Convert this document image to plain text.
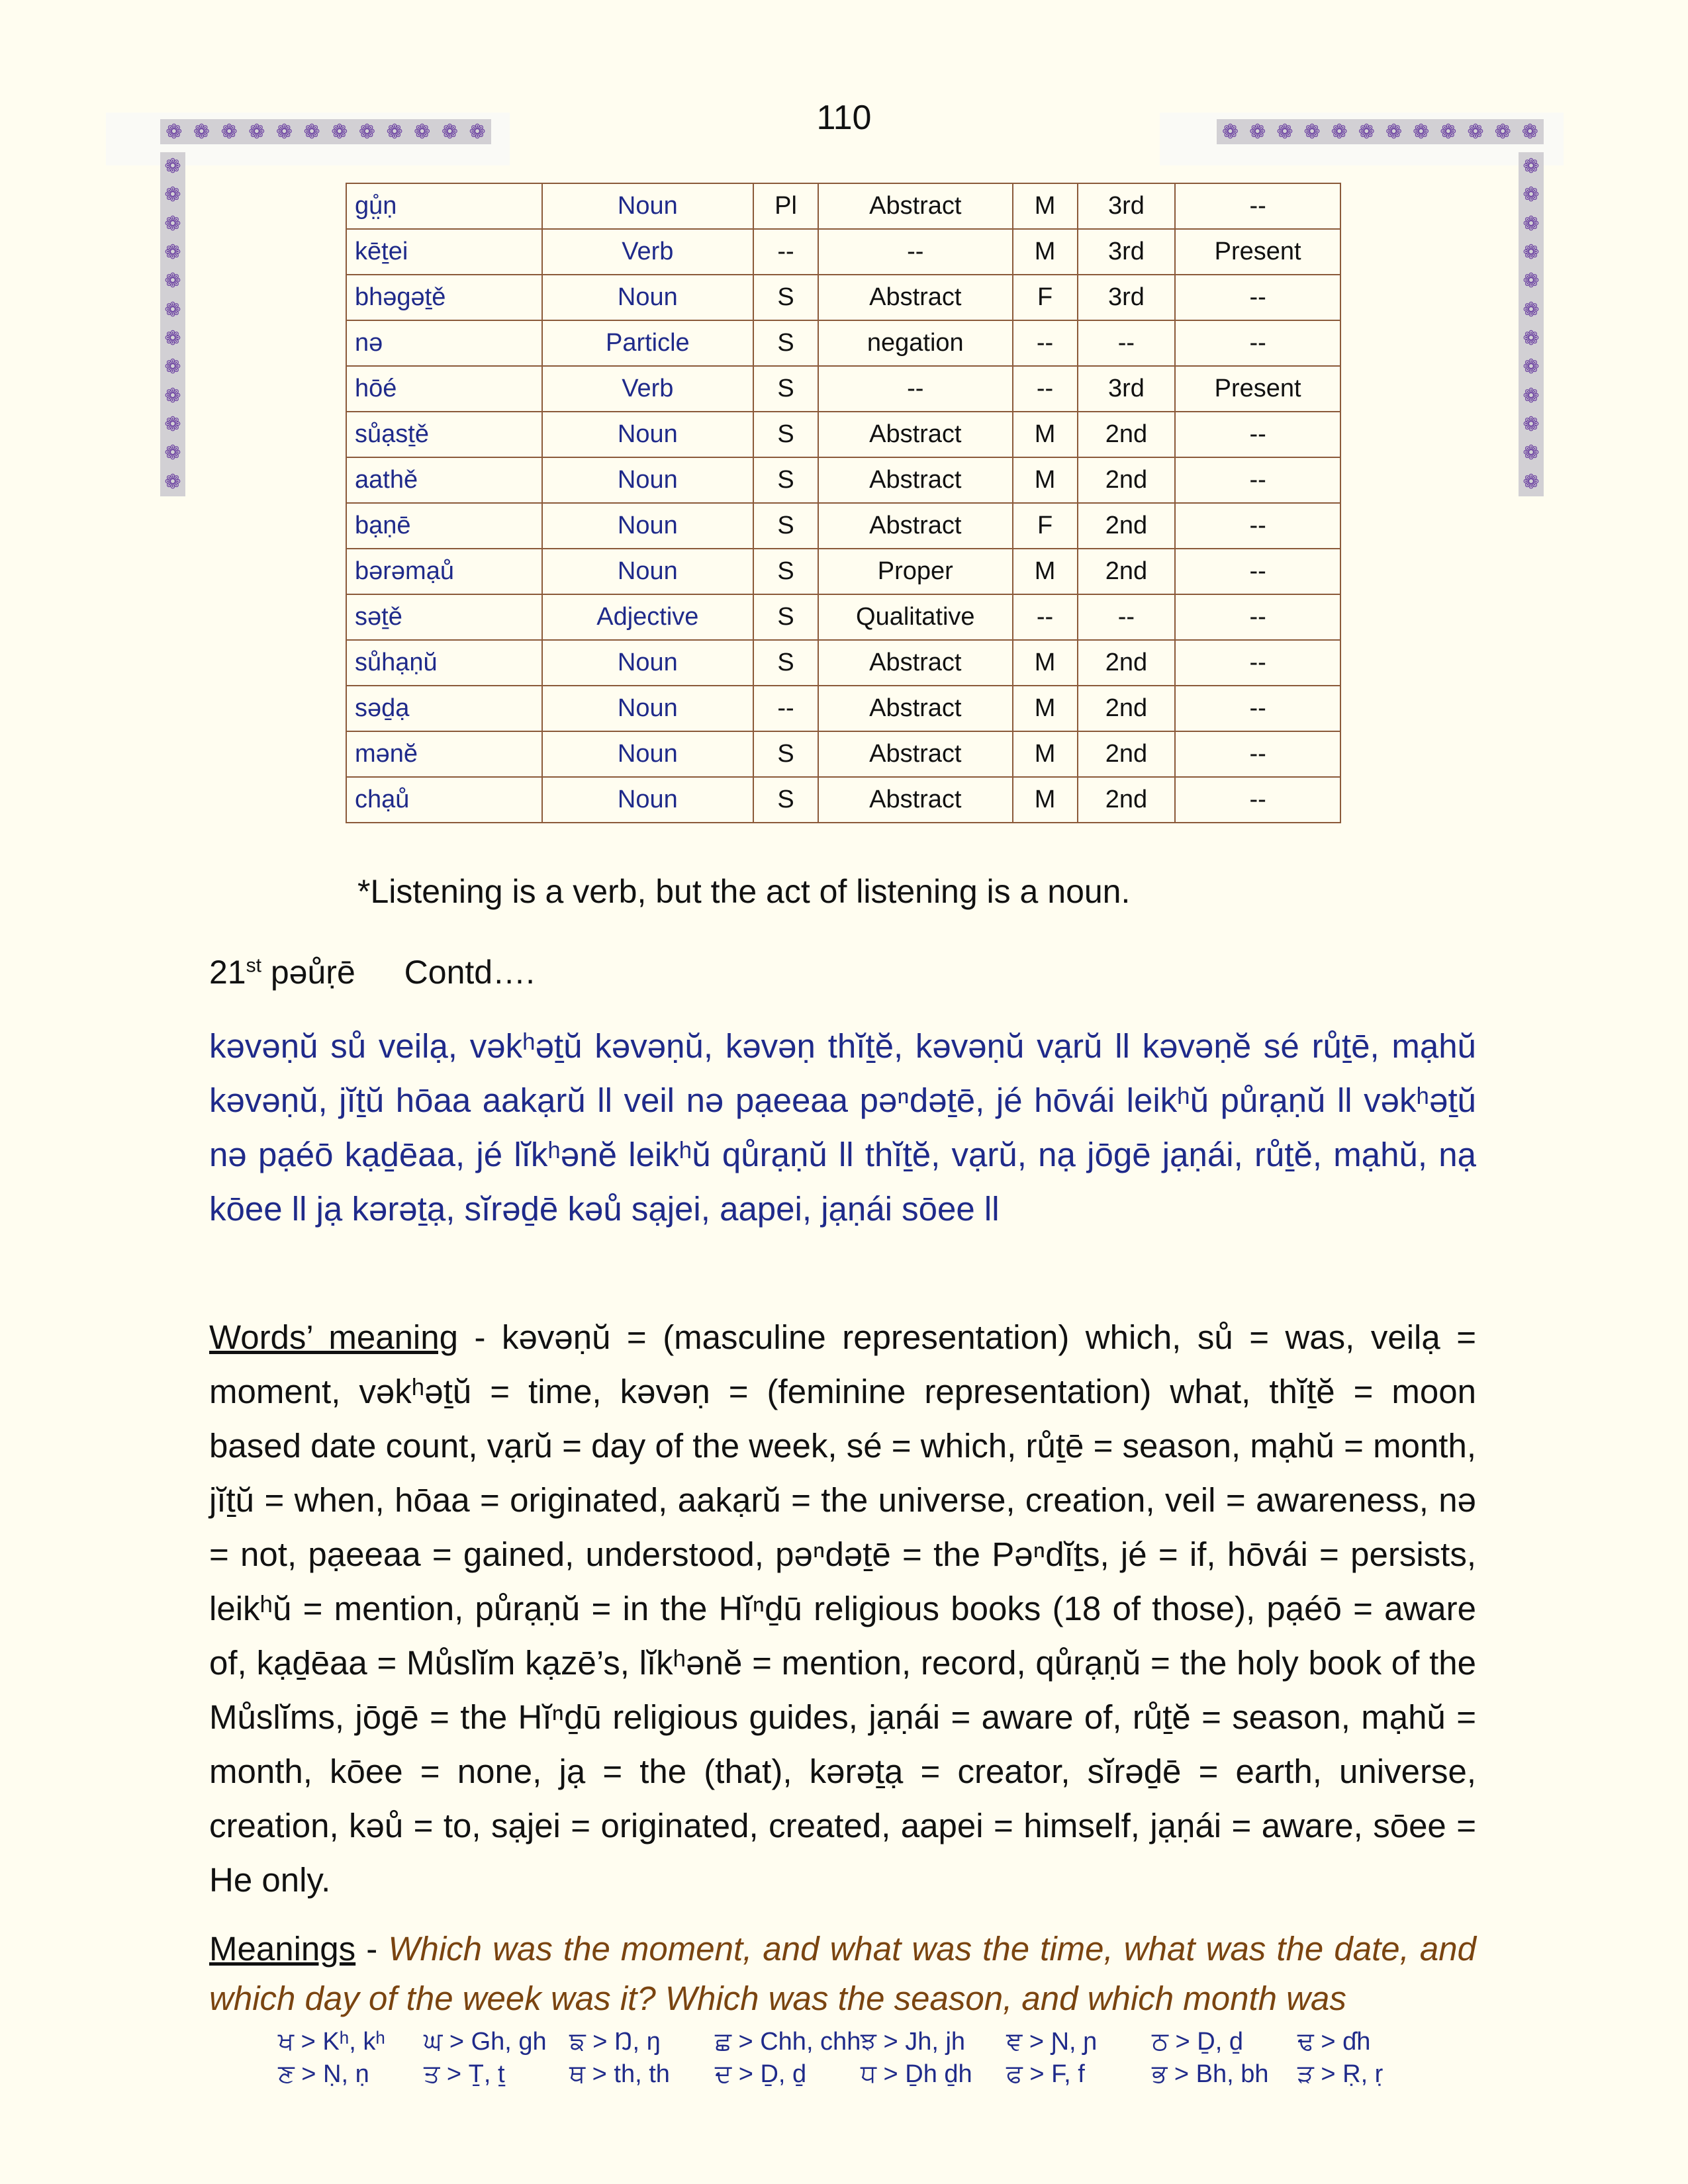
110
❁ ❁ ❁ ❁ ❁ ❁ ❁ ❁ ❁ ❁ ❁ ❁
❁
❁
❁
❁
❁
❁
❁
❁
❁
❁
❁
❁
❁ ❁ ❁ ❁ ❁ ❁ ❁ ❁ ❁ ❁ ❁ ❁
❁
❁
❁
❁
❁
❁
❁
❁
❁
❁
❁
❁
gṳ̊ṇ	Noun	Pl	Abstract	M	3rd	--
kēṯei	Verb	--	--	M	3rd	Present
bhəgəṯě	Noun	S	Abstract	F	3rd	--
nə	Particle	S	negation	--	--	--
hōé	Verb	S	--	--	3rd	Present
sůạsṯě	Noun	S	Abstract	M	2nd	--
aathě	Noun	S	Abstract	M	2nd	--
bạṇē	Noun	S	Abstract	F	2nd	--
bərəmạů	Noun	S	Proper	M	2nd	--
səṯě	Adjective	S	Qualitative	--	--	--
sůhạṇŭ	Noun	S	Abstract	M	2nd	--
səḏạ	Noun	--	Abstract	M	2nd	--
mənĕ	Noun	S	Abstract	M	2nd	--
chạů	Noun	S	Abstract	M	2nd	--
*Listening is a verb, but the act of listening is a noun.
21st pəůṛē Contd….
kəvəṇŭ sů veilạ, vəkʰəṯŭ kəvəṇŭ, kəvəṇ thĭṯĕ, kəvəṇŭ vạrŭ ll kəvəṇĕ sé růṯē, mạhŭ kəvəṇŭ, jĭṯŭ hōaa aakạrŭ ll veil nə pạeeaa pəⁿdəṯē, jé hōvái leikʰŭ půrạṇŭ ll vəkʰəṯŭ nə pạéō kạḏēaa, jé lĭkʰənĕ leikʰŭ qůrạṇŭ ll thĭṯĕ, vạrŭ, nạ jōgē jạṇái, růṯĕ, mạhŭ, nạ kōee ll jạ kərəṯạ, sĭrəḏē kəů sạjei, aapei, jạṇái sōee ll
Words’ meaning - kəvəṇŭ = (masculine representation) which, sů = was, veilạ = moment, vəkʰəṯŭ = time, kəvəṇ = (feminine representation) what, thĭṯĕ = moon based date count, vạrŭ = day of the week, sé = which, růṯē = season, mạhŭ = month, jĭṯŭ = when, hōaa = originated, aakạrŭ = the universe, creation, veil = awareness, nə = not, pạeeaa = gained, understood, pəⁿdəṯē = the Pəⁿdĭṯs, jé = if, hōvái = persists, leikʰŭ = mention, půrạṇŭ = in the Hĭⁿḏū religious books (18 of those), pạéō = aware of, kạḏēaa = Můslĭm kạzē’s, lĭkʰənĕ = mention, record, qůrạṇŭ = the holy book of the Můslĭms, jōgē = the Hĭⁿḏū religious guides, jạṇái = aware of, růṯĕ = season, mạhŭ = month, kōee = none, jạ = the (that), kərəṯạ = creator, sĭrəḏē = earth, universe, creation, kəů = to, sạjei = originated, created, aapei = himself, jạṇái = aware, sōee = He only.
Meanings - Which was the moment, and what was the time, what was the date, and which day of the week was it? Which was the season, and which month was
ਖ > Kʰ, kʰ	ਘ > Gh, gh ਙ > Ŋ, ŋ	ਛ > Chh, chh ਝ > Jh, jh	ਞ > Ɲ, ɲ	ਠ > Ḏ, ḏ	ਢ > ɗh
ਣ > Ṇ, ṇ	ਤ > Ṯ, ṯ	ਥ > th, th	ਦ > Ḏ, ḏ	ਧ > Ḏh ḏh	ਫ > F, f	ਭ > Bh, bh	ੜ > Ṛ, ṛ
